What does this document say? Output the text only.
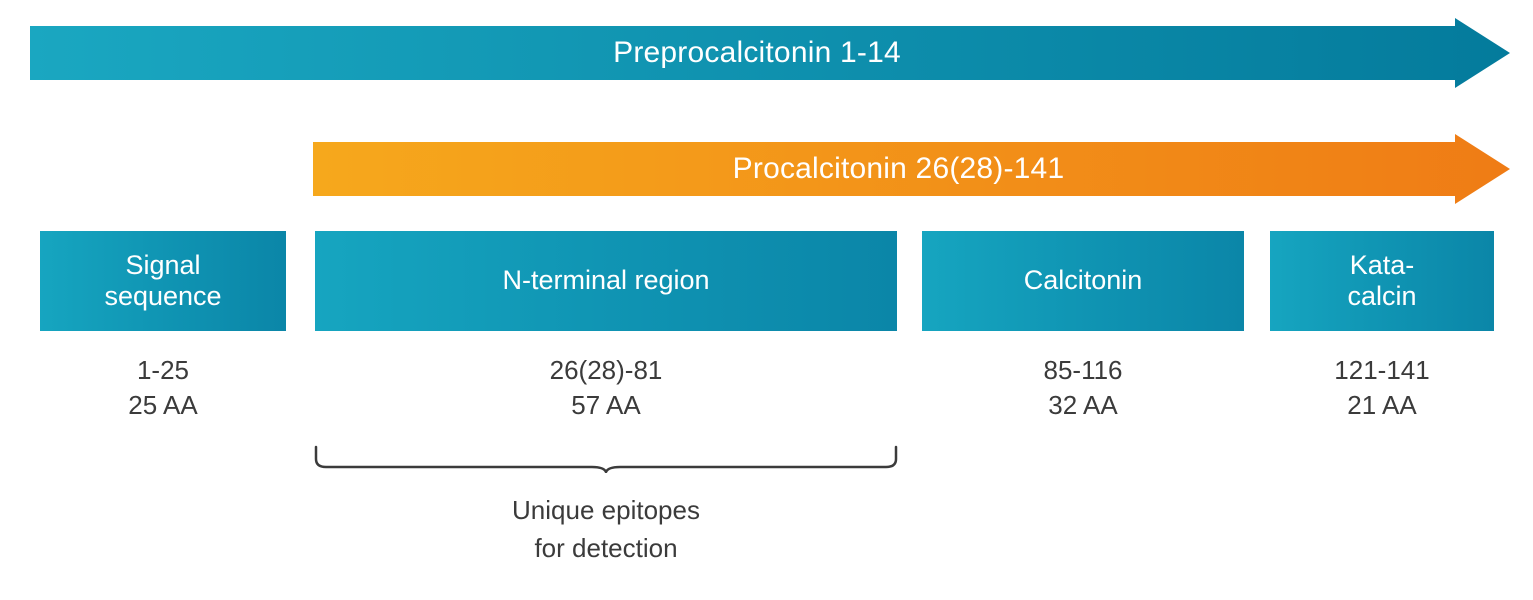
Preprocalcitonin 1-14
Procalcitonin 26(28)-141
Signal
sequence
1-25
25 AA
N-terminal region
26(28)-81
57 AA
Calcitonin
85-116
32 AA
Kata-
calcin
121-141
21 AA
Unique epitopes
for detection
